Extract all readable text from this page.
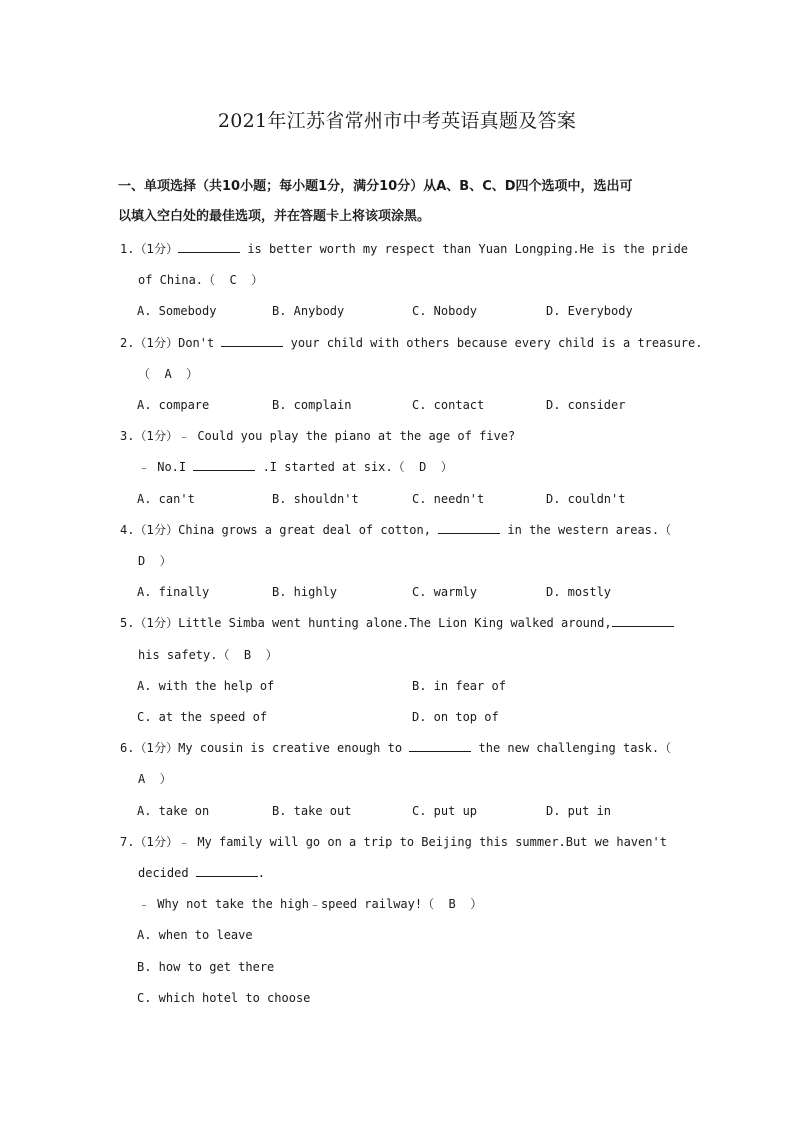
2021年江苏省常州市中考英语真题及答案
一、单项选择（共10小题；每小题1分，满分10分）从A、B、C、D四个选项中，选出可
以填入空白处的最佳选项，并在答题卡上将该项涂黑。
1.（1分）	is better worth my respect than Yuan Longping.He is the pride
of China.（  C  ）
A. Somebody	B. Anybody	C. Nobody	D. Everybody
2.（1分）Don't	your child with others because every child is a treasure.
（  A  ）
A. compare	B. complain	C. contact	D. consider
3.（1分）﹣ Could you play the piano at the age of five?
﹣ No.I	.I started at six.（  D  ）
A. can't	B. shouldn't	C. needn't	D. couldn't
4.（1分）China grows a great deal of cotton,	in the western areas.（
D  ）
A. finally	B. highly	C. warmly	D. mostly
5.（1分）Little Simba went hunting alone.The Lion King walked around,
his safety.（  B  ）
A. with the help of	B. in fear of
C. at the speed of	D. on top of
6.（1分）My cousin is creative enough to	the new challenging task.（
A  ）
A. take on	B. take out	C. put up	D. put in
7.（1分）﹣ My family will go on a trip to Beijing this summer.But we haven't
decided	.
﹣ Why not take the high﹣speed railway!（  B  ）
A. when to leave
B. how to get there
C. which hotel to choose
